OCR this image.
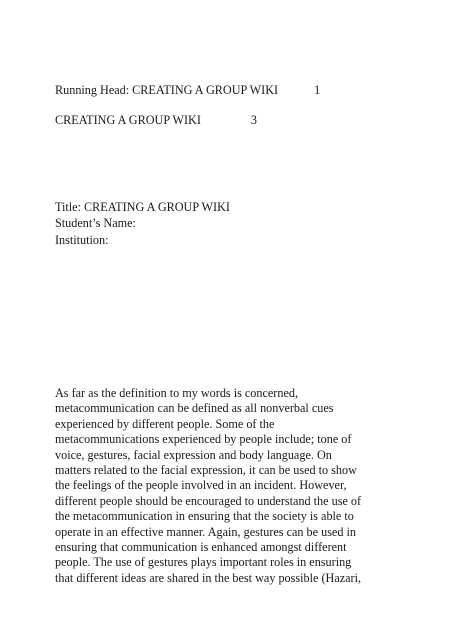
Running Head: CREATING A GROUP WIKI	1
CREATING A GROUP WIKI	3
Title: CREATING A GROUP WIKI
Student’s Name:
Institution:
As far as the definition to my words is concerned,
metacommunication can be defined as all nonverbal cues
experienced by different people. Some of the
metacommunications experienced by people include; tone of
voice, gestures, facial expression and body language. On
matters related to the facial expression, it can be used to show
the feelings of the people involved in an incident. However,
different people should be encouraged to understand the use of
the metacommunication in ensuring that the society is able to
operate in an effective manner. Again, gestures can be used in
ensuring that communication is enhanced amongst different
people. The use of gestures plays important roles in ensuring
that different ideas are shared in the best way possible (Hazari,
